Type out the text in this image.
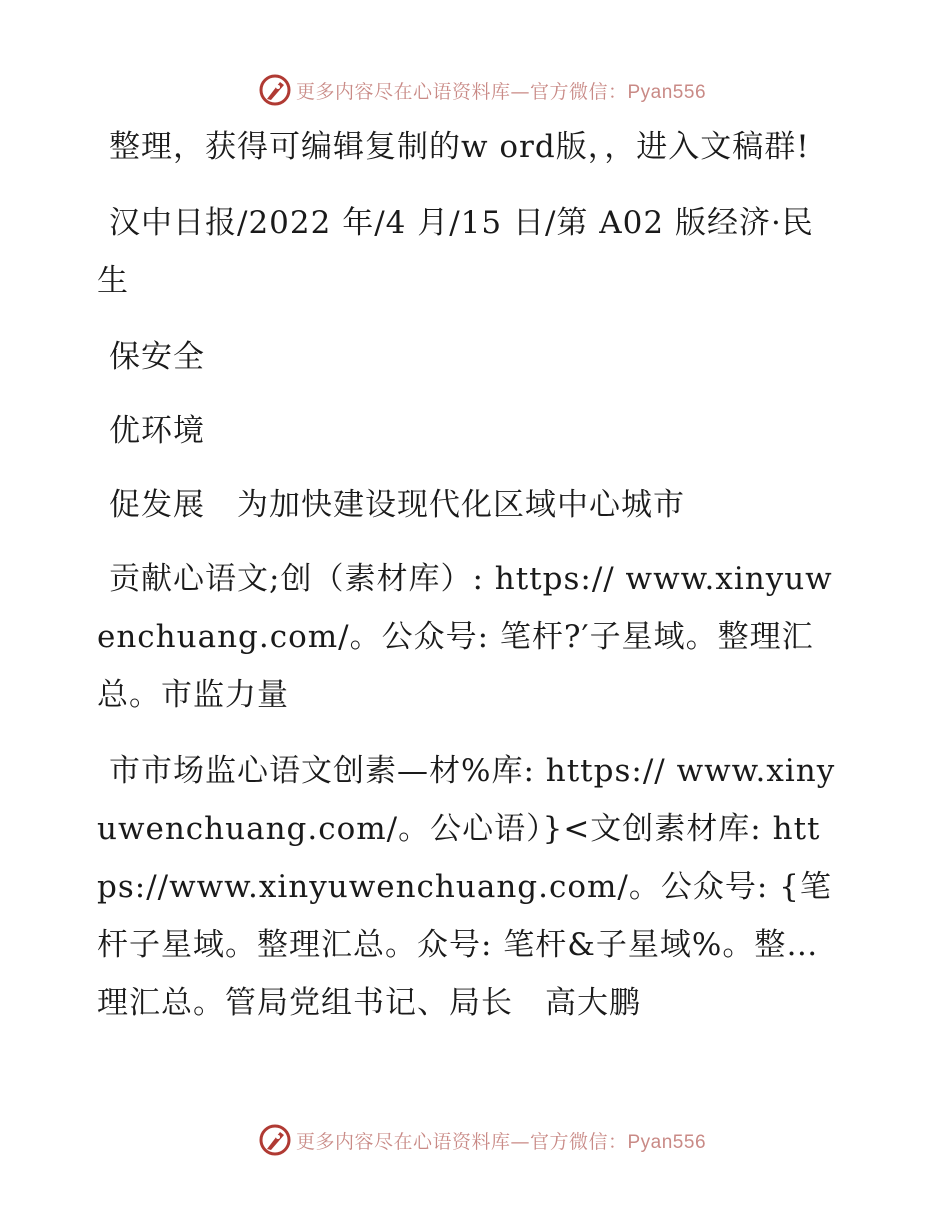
更多内容尽在心语资料库—官方微信：Pyan556

整理，获得可编辑复制的w ord版，，进入文稿群!

汉中日报/2022 年/4 月/15 日/第 A02 版经济·民生

保安全

优环境

促发展　为加快建设现代化区域中心城市

贡献心语文;创（素材库）: https:// www.xinyuwenchuang.com/。公众号: 笔杆?′子星域。整理汇总。市监力量

市市场监心语文创素—材%库: https:// www.xinyuwenchuang.com/。公心语）}<文创素材库: https://www.xinyuwenchuang.com/。公众号: {笔杆子星域。整理汇总。众号: 笔杆&子星域%。整…理汇总。管局党组书记、局长　高大鹏

更多内容尽在心语资料库—官方微信：Pyan556
